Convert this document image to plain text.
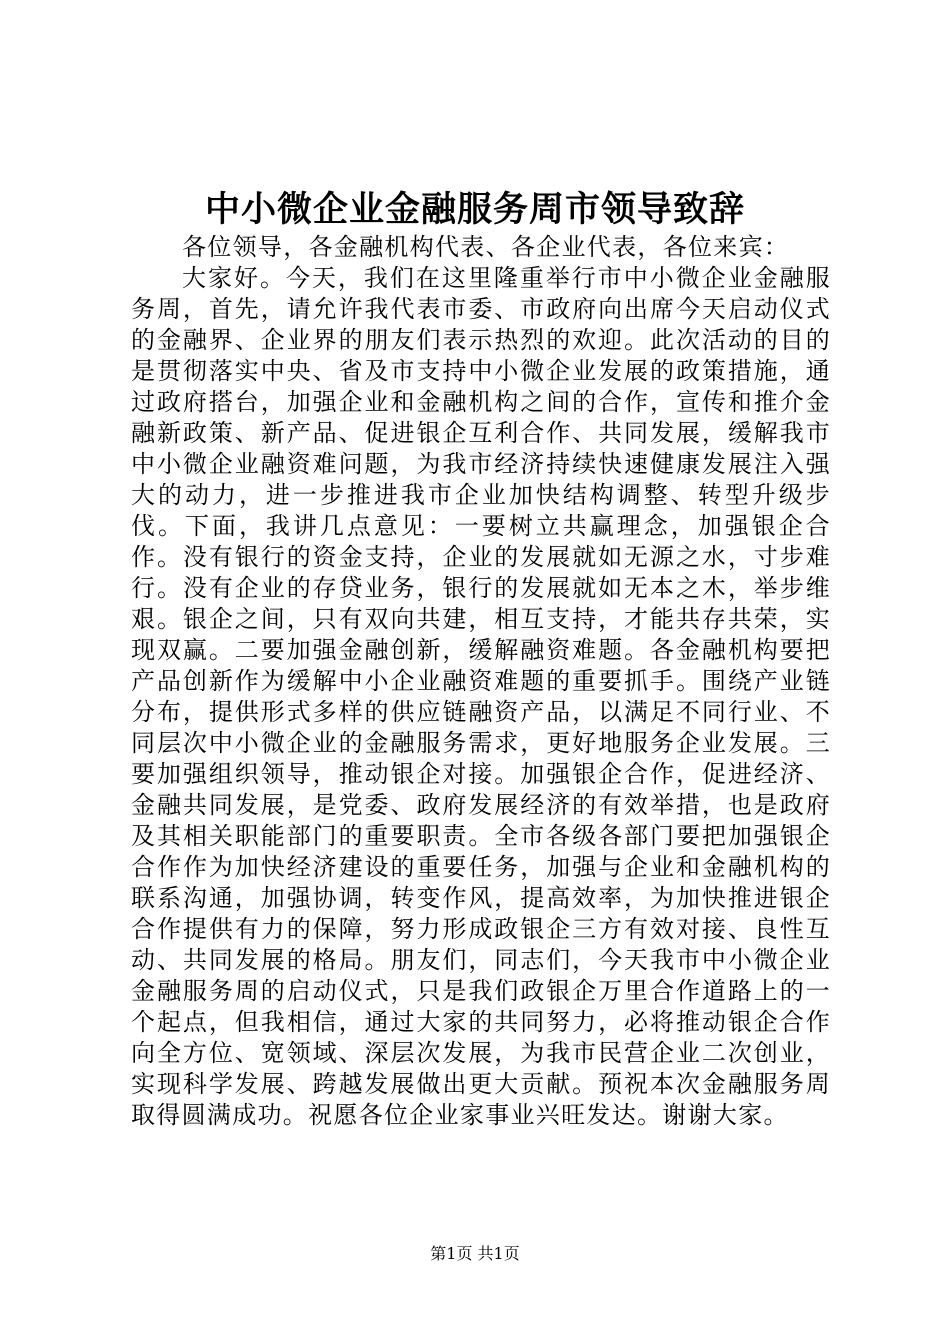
中小微企业金融服务周市领导致辞

各位领导，各金融机构代表、各企业代表，各位来宾：

大家好。今天，我们在这里隆重举行市中小微企业金融服务周，首先，请允许我代表市委、市政府向出席今天启动仪式的金融界、企业界的朋友们表示热烈的欢迎。此次活动的目的是贯彻落实中央、省及市支持中小微企业发展的政策措施，通过政府搭台，加强企业和金融机构之间的合作，宣传和推介金融新政策、新产品、促进银企互利合作、共同发展，缓解我市中小微企业融资难问题，为我市经济持续快速健康发展注入强大的动力，进一步推进我市企业加快结构调整、转型升级步伐。下面，我讲几点意见：一要树立共赢理念，加强银企合作。没有银行的资金支持，企业的发展就如无源之水，寸步难行。没有企业的存贷业务，银行的发展就如无本之木，举步维艰。银企之间，只有双向共建，相互支持，才能共存共荣，实现双赢。二要加强金融创新，缓解融资难题。各金融机构要把产品创新作为缓解中小企业融资难题的重要抓手。围绕产业链分布，提供形式多样的供应链融资产品，以满足不同行业、不同层次中小微企业的金融服务需求，更好地服务企业发展。三要加强组织领导，推动银企对接。加强银企合作，促进经济、金融共同发展，是党委、政府发展经济的有效举措，也是政府及其相关职能部门的重要职责。全市各级各部门要把加强银企合作作为加快经济建设的重要任务，加强与企业和金融机构的联系沟通，加强协调，转变作风，提高效率，为加快推进银企合作提供有力的保障，努力形成政银企三方有效对接、良性互动、共同发展的格局。朋友们，同志们，今天我市中小微企业金融服务周的启动仪式，只是我们政银企万里合作道路上的一个起点，但我相信，通过大家的共同努力，必将推动银企合作向全方位、宽领域、深层次发展，为我市民营企业二次创业，实现科学发展、跨越发展做出更大贡献。预祝本次金融服务周取得圆满成功。祝愿各位企业家事业兴旺发达。谢谢大家。

第1页 共1页
